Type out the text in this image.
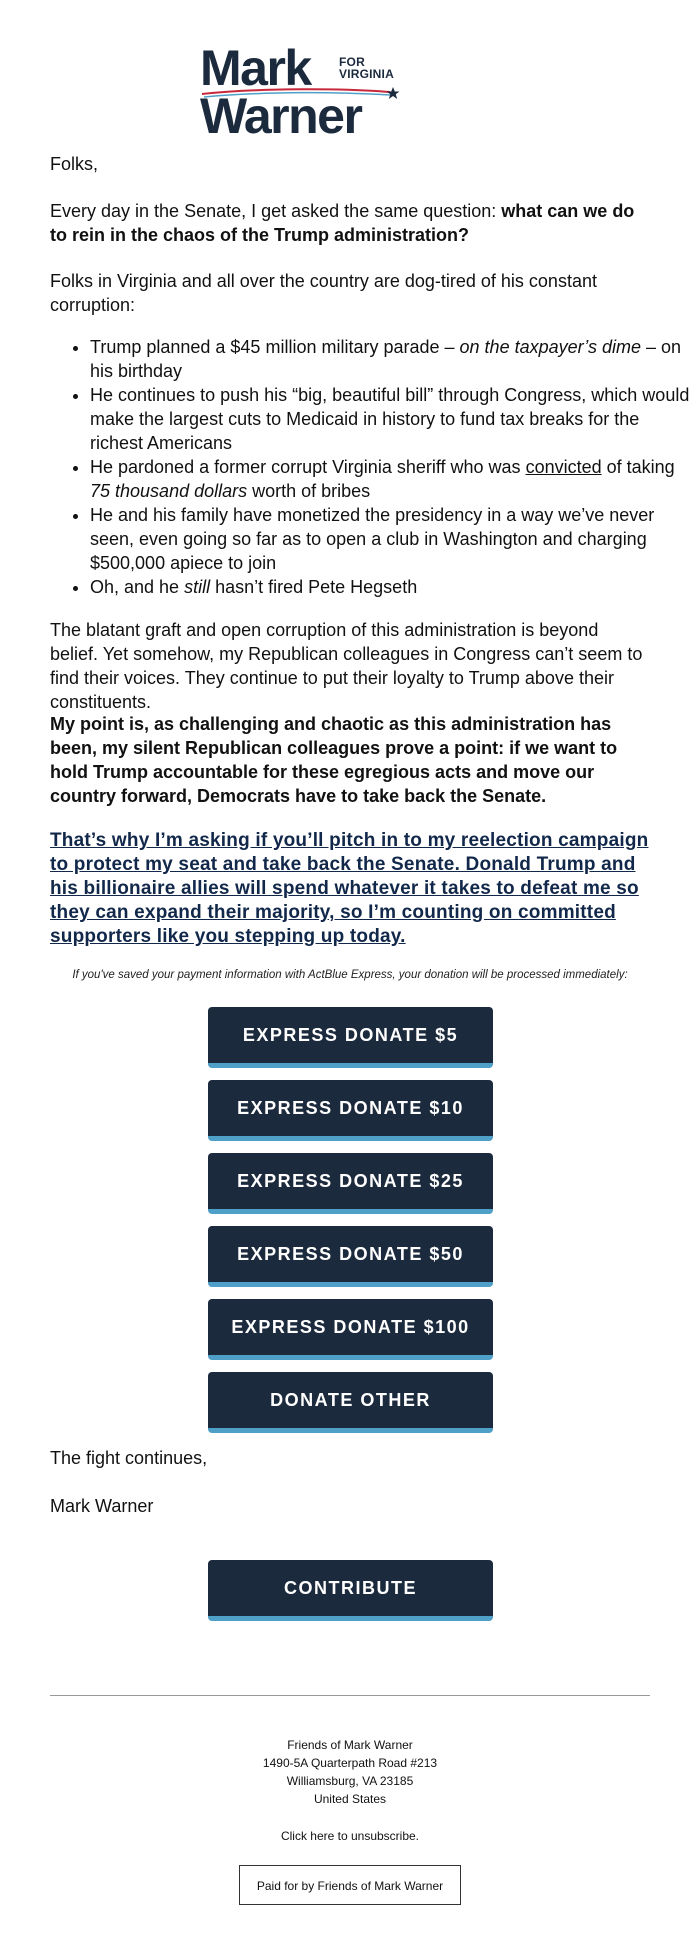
Mark FOR
VIRGINIA
Warner
Folks,
Every day in the Senate, I get asked the same question: what can we do to rein in the chaos of the Trump administration?
Folks in Virginia and all over the country are dog-tired of his constant corruption:
• Trump planned a $45 million military parade – on the taxpayer’s dime – on his birthday
• He continues to push his “big, beautiful bill” through Congress, which would make the largest cuts to Medicaid in history to fund tax breaks for the richest Americans
• He pardoned a former corrupt Virginia sheriff who was convicted of taking 75 thousand dollars worth of bribes
• He and his family have monetized the presidency in a way we’ve never seen, even going so far as to open a club in Washington and charging $500,000 apiece to join
• Oh, and he still hasn’t fired Pete Hegseth
The blatant graft and open corruption of this administration is beyond belief. Yet somehow, my Republican colleagues in Congress can’t seem to find their voices. They continue to put their loyalty to Trump above their constituents.
My point is, as challenging and chaotic as this administration has been, my silent Republican colleagues prove a point: if we want to hold Trump accountable for these egregious acts and move our country forward, Democrats have to take back the Senate.
That’s why I’m asking if you’ll pitch in to my reelection campaign to protect my seat and take back the Senate. Donald Trump and his billionaire allies will spend whatever it takes to defeat me so they can expand their majority, so I’m counting on committed supporters like you stepping up today.
If you've saved your payment information with ActBlue Express, your donation will be processed immediately:
EXPRESS DONATE $5
EXPRESS DONATE $10
EXPRESS DONATE $25
EXPRESS DONATE $50
EXPRESS DONATE $100
DONATE OTHER
The fight continues,
Mark Warner
CONTRIBUTE
Friends of Mark Warner
1490-5A Quarterpath Road #213
Williamsburg, VA 23185
United States
Click here to unsubscribe.
Paid for by Friends of Mark Warner
